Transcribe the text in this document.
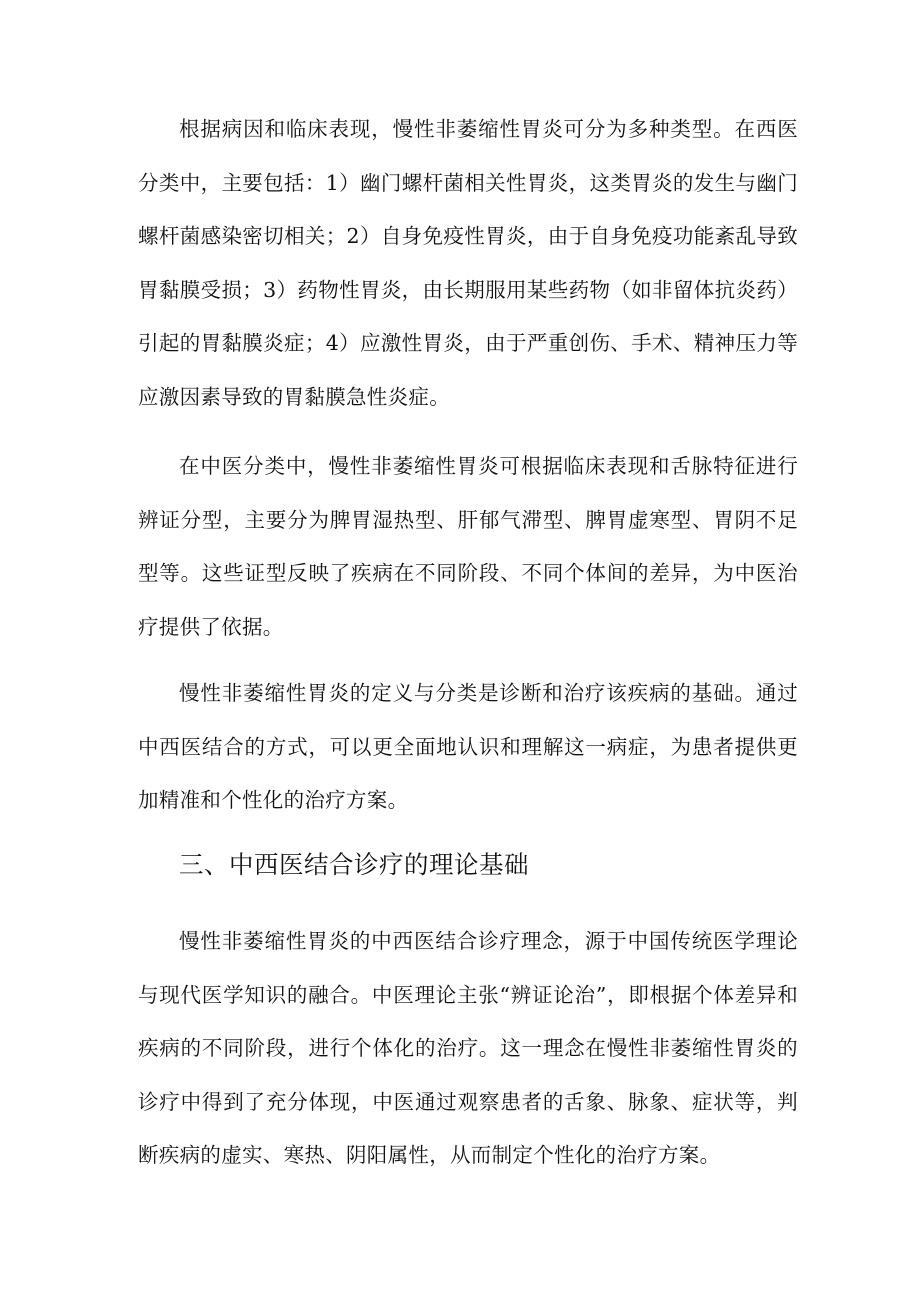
根据病因和临床表现，慢性非萎缩性胃炎可分为多种类型。在西医分类中，主要包括：1）幽门螺杆菌相关性胃炎，这类胃炎的发生与幽门螺杆菌感染密切相关；2）自身免疫性胃炎，由于自身免疫功能紊乱导致胃黏膜受损；3）药物性胃炎，由长期服用某些药物（如非留体抗炎药）引起的胃黏膜炎症；4）应激性胃炎，由于严重创伤、手术、精神压力等应激因素导致的胃黏膜急性炎症。

在中医分类中，慢性非萎缩性胃炎可根据临床表现和舌脉特征进行辨证分型，主要分为脾胃湿热型、肝郁气滞型、脾胃虚寒型、胃阴不足型等。这些证型反映了疾病在不同阶段、不同个体间的差异，为中医治疗提供了依据。

慢性非萎缩性胃炎的定义与分类是诊断和治疗该疾病的基础。通过中西医结合的方式，可以更全面地认识和理解这一病症，为患者提供更加精准和个性化的治疗方案。

三、中西医结合诊疗的理论基础

慢性非萎缩性胃炎的中西医结合诊疗理念，源于中国传统医学理论与现代医学知识的融合。中医理论主张“辨证论治”，即根据个体差异和疾病的不同阶段，进行个体化的治疗。这一理念在慢性非萎缩性胃炎的诊疗中得到了充分体现，中医通过观察患者的舌象、脉象、症状等，判断疾病的虚实、寒热、阴阳属性，从而制定个性化的治疗方案。
